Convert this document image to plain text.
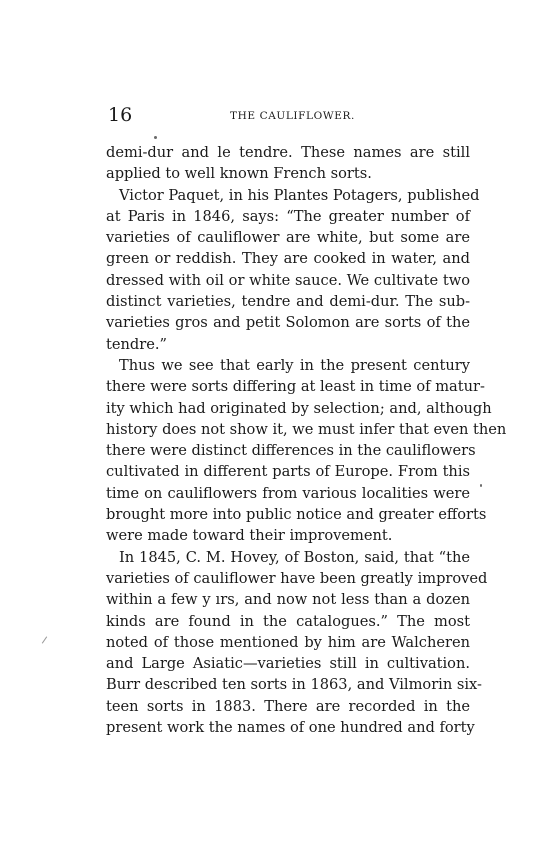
16	THE CAULIFLOWER.
demi-dur and le tendre. These names are still
applied to well known French sorts.
Victor Paquet, in his Plantes Potagers, published
at Paris in 1846, says: “The greater number of
varieties of cauliflower are white, but some are
green or reddish. They are cooked in water, and
dressed with oil or white sauce. We cultivate two
distinct varieties, tendre and demi-dur. The sub-
varieties gros and petit Solomon are sorts of the
tendre.”
Thus we see that early in the present century
there were sorts differing at least in time of matur-
ity which had originated by selection; and, although
history does not show it, we must infer that even then
there were distinct differences in the cauliflowers
cultivated in different parts of Europe. From this
time on cauliflowers from various localities were
brought more into public notice and greater efforts
were made toward their improvement.
In 1845, C. M. Hovey, of Boston, said, that “the
varieties of cauliflower have been greatly improved
within a few y ırs, and now not less than a dozen
kinds are found in the catalogues.” The most
noted of those mentioned by him are Walcheren
and Large Asiatic—varieties still in cultivation.
Burr described ten sorts in 1863, and Vilmorin six-
teen sorts in 1883. There are recorded in the
present work the names of one hundred and forty
